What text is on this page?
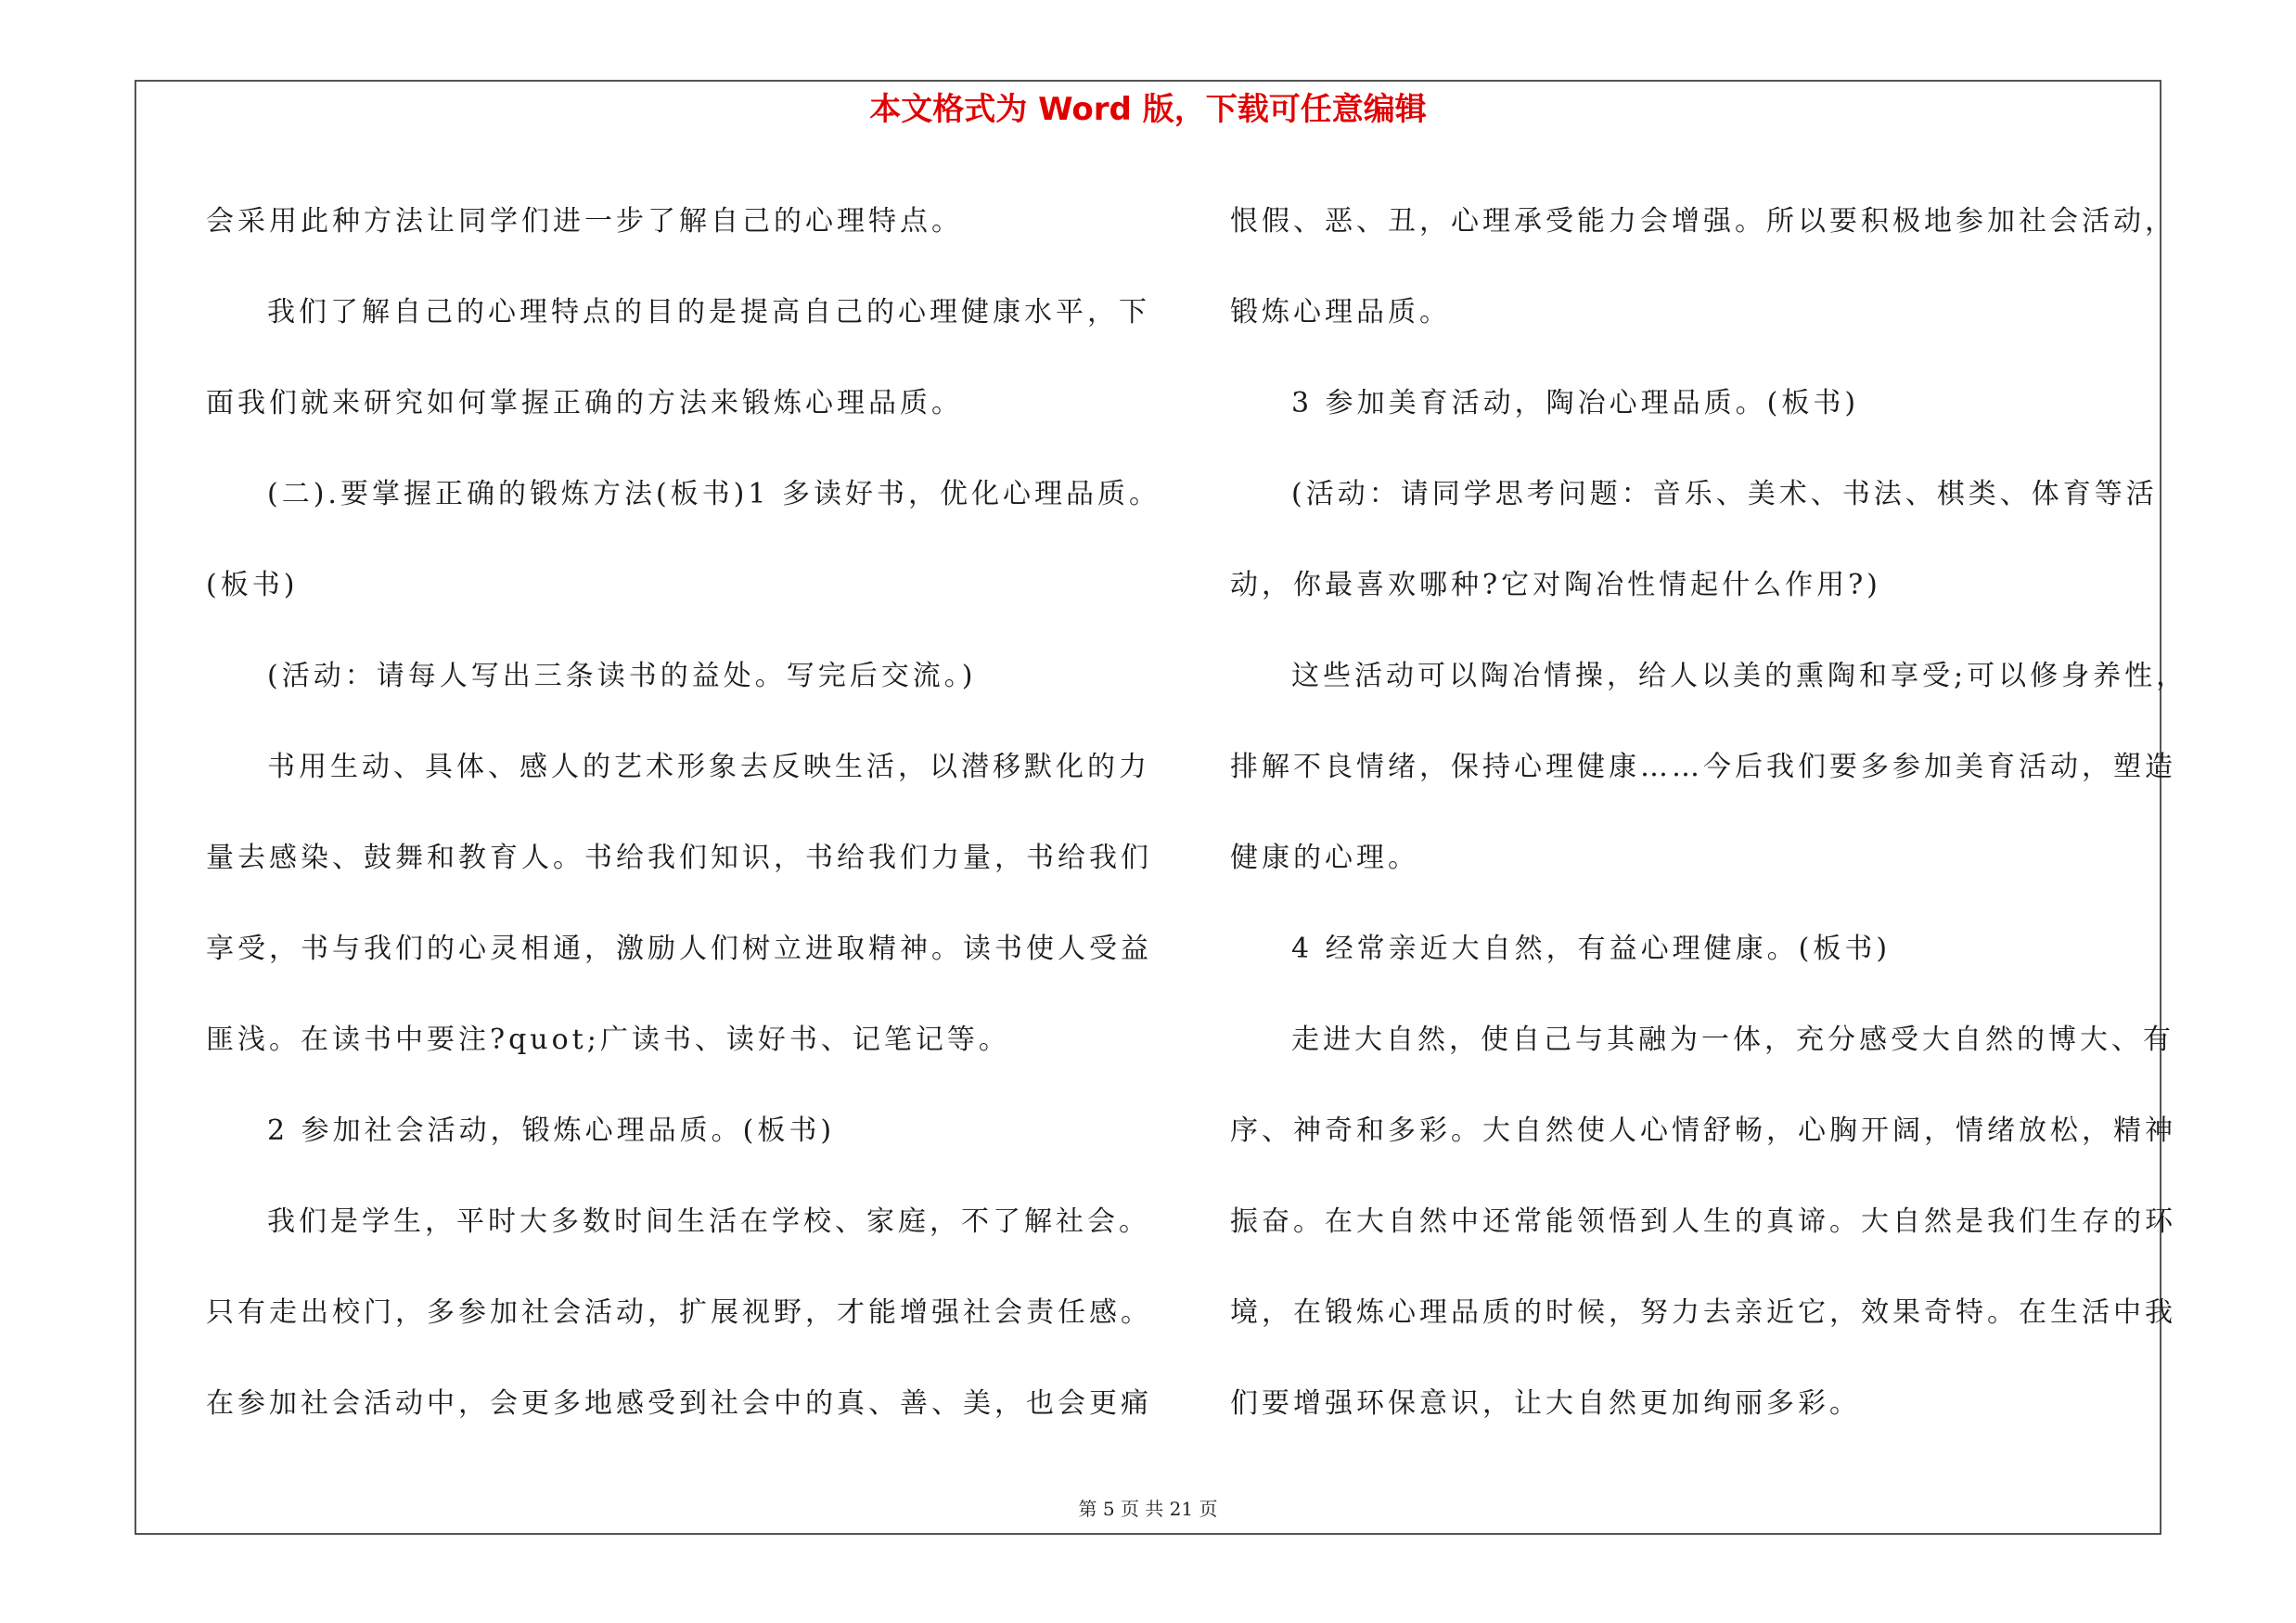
本文格式为 Word 版，下载可任意编辑

会采用此种方法让同学们进一步了解自己的心理特点。

我们了解自己的心理特点的目的是提高自己的心理健康水平，下

面我们就来研究如何掌握正确的方法来锻炼心理品质。

(二).要掌握正确的锻炼方法(板书)1 多读好书，优化心理品质。

(板书)

(活动：请每人写出三条读书的益处。写完后交流。)

书用生动、具体、感人的艺术形象去反映生活，以潜移默化的力

量去感染、鼓舞和教育人。书给我们知识，书给我们力量，书给我们

享受，书与我们的心灵相通，激励人们树立进取精神。读书使人受益

匪浅。在读书中要注?quot;广读书、读好书、记笔记等。

2 参加社会活动，锻炼心理品质。(板书)

我们是学生，平时大多数时间生活在学校、家庭，不了解社会。

只有走出校门，多参加社会活动，扩展视野，才能增强社会责任感。

在参加社会活动中，会更多地感受到社会中的真、善、美，也会更痛

恨假、恶、丑，心理承受能力会增强。所以要积极地参加社会活动，

锻炼心理品质。

3 参加美育活动，陶冶心理品质。(板书)

(活动：请同学思考问题：音乐、美术、书法、棋类、体育等活

动，你最喜欢哪种?它对陶冶性情起什么作用?)

这些活动可以陶冶情操，给人以美的熏陶和享受;可以修身养性，

排解不良情绪，保持心理健康……今后我们要多参加美育活动，塑造

健康的心理。

4 经常亲近大自然，有益心理健康。(板书)

走进大自然，使自己与其融为一体，充分感受大自然的博大、有

序、神奇和多彩。大自然使人心情舒畅，心胸开阔，情绪放松，精神

振奋。在大自然中还常能领悟到人生的真谛。大自然是我们生存的环

境，在锻炼心理品质的时候，努力去亲近它，效果奇特。在生活中我

们要增强环保意识，让大自然更加绚丽多彩。

第 5 页 共 21 页
